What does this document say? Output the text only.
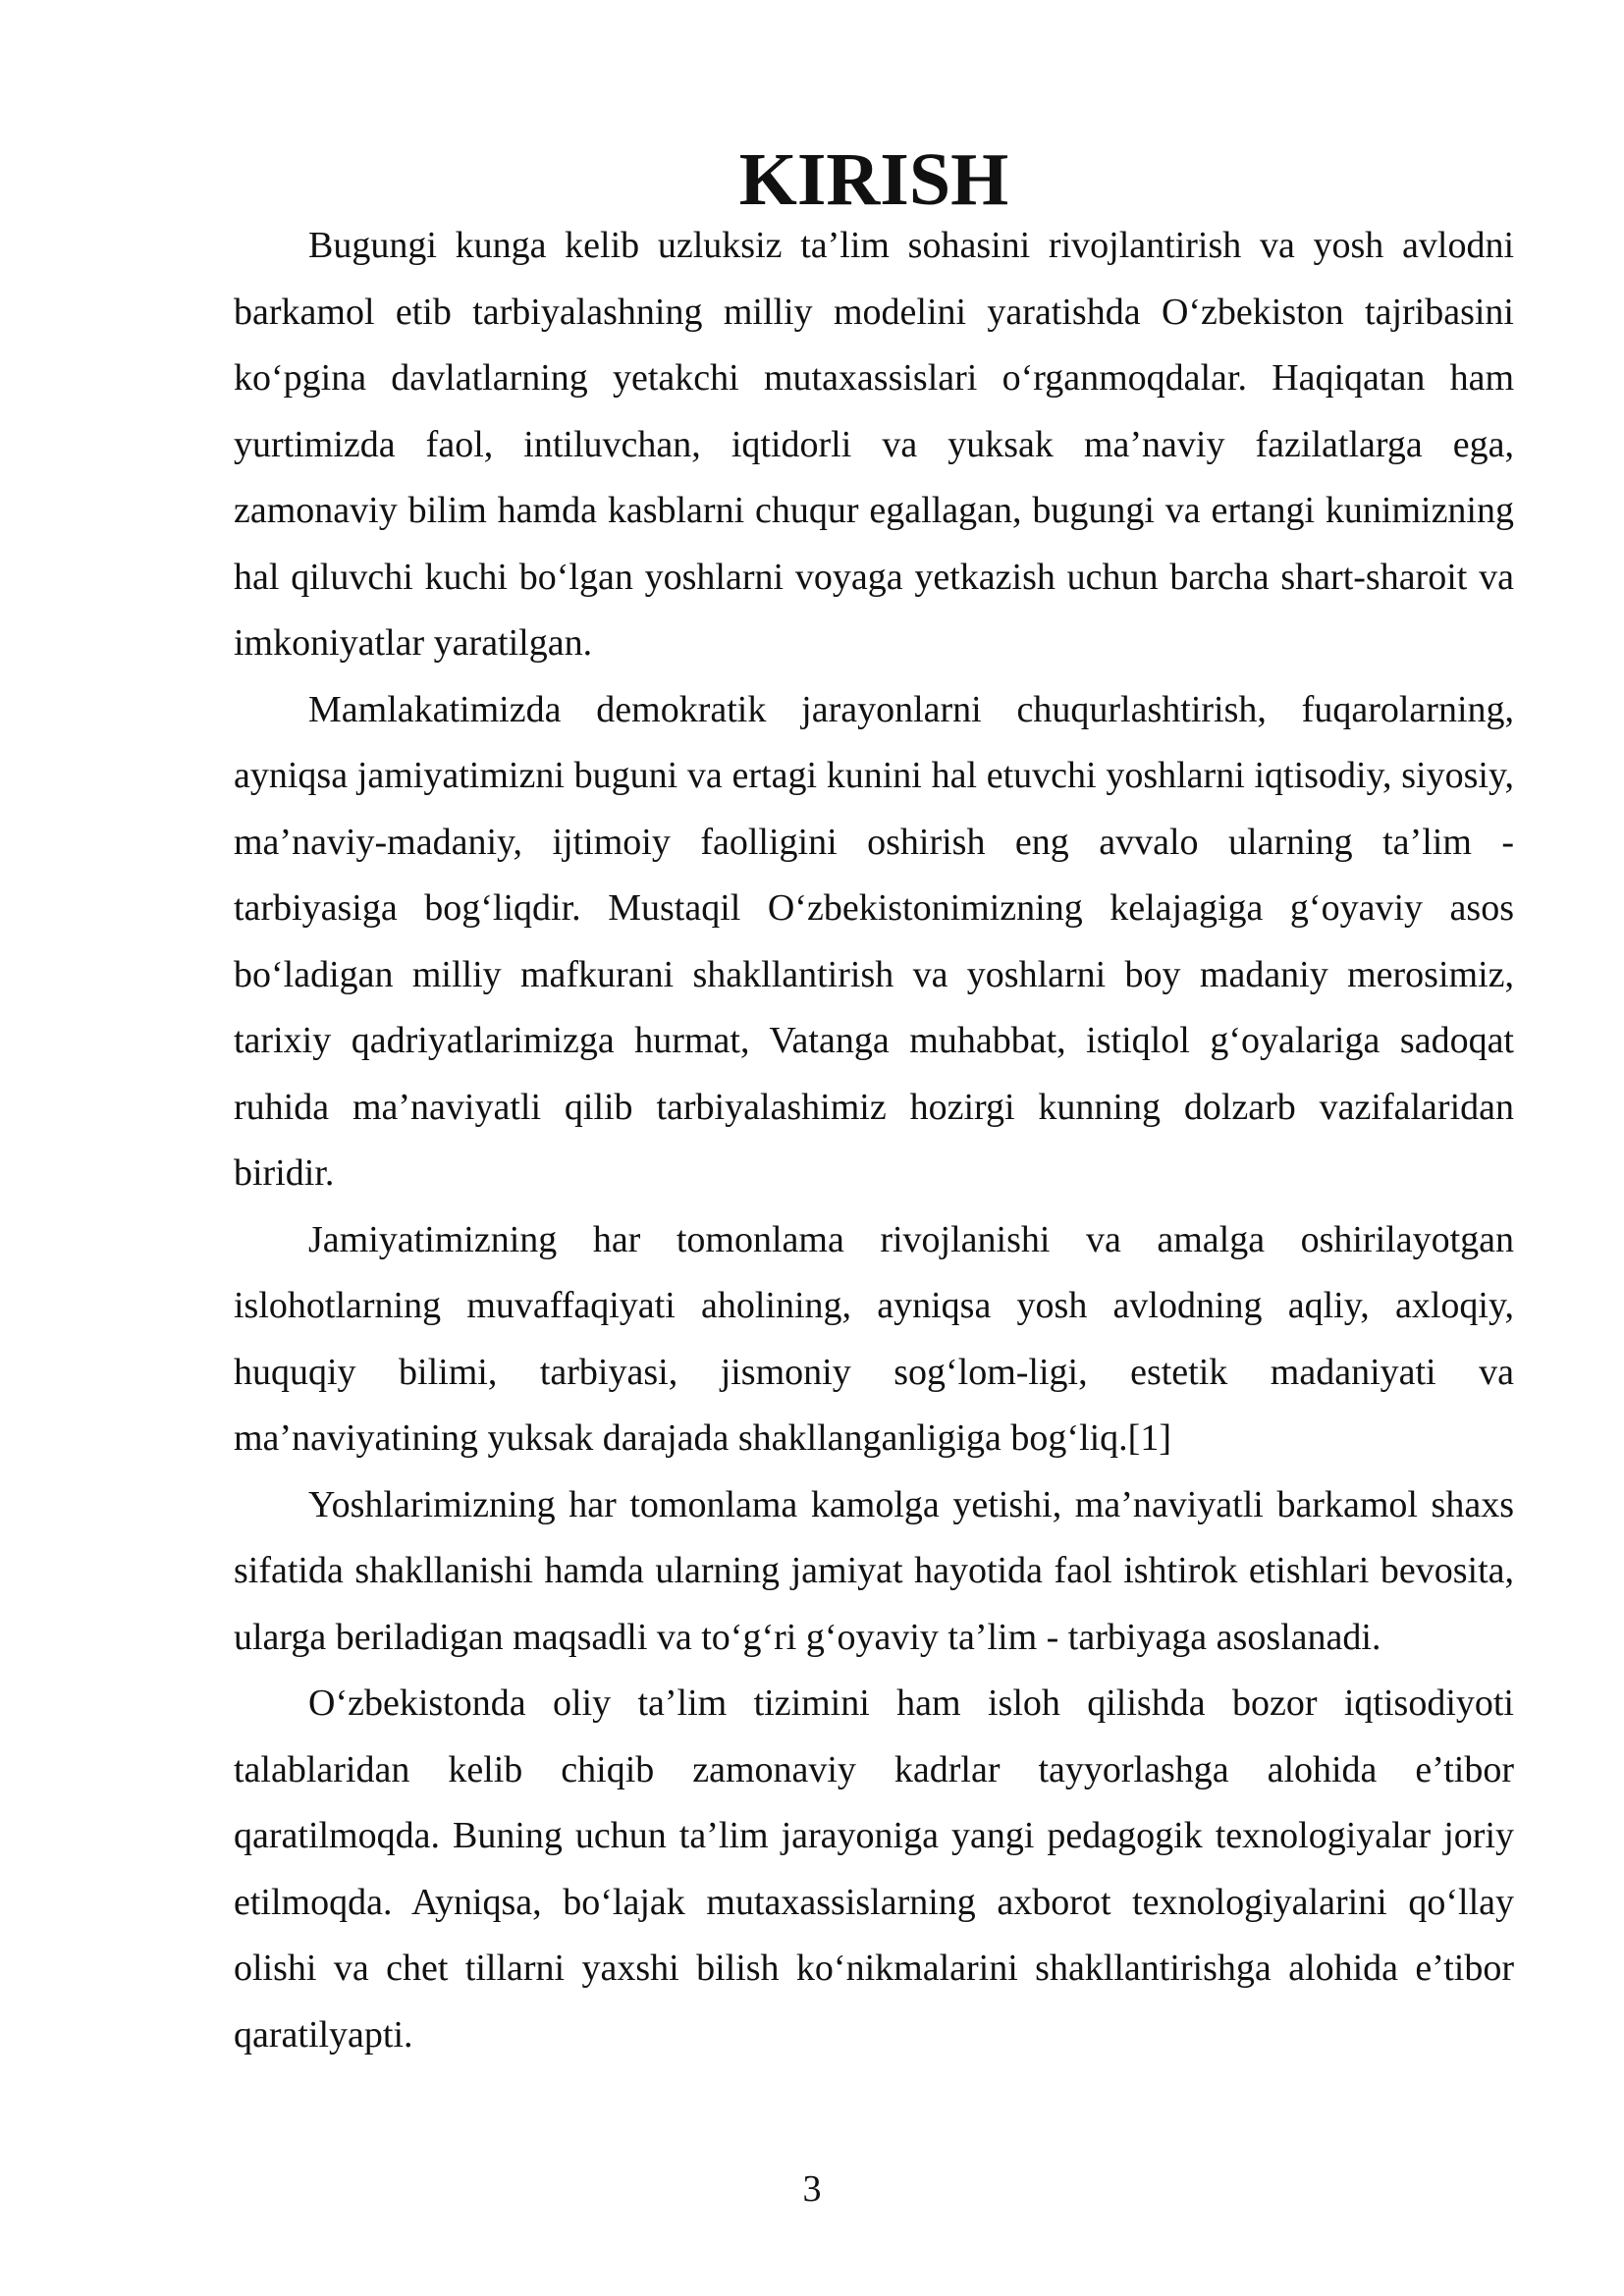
KIRISH

Bugungi kunga kelib uzluksiz ta’lim sohasini rivojlantirish va yosh avlodni barkamol etib tarbiyalashning milliy modelini yaratishda O‘zbekiston tajribasini ko‘pgina davlatlarning yetakchi mutaxassislari o‘rganmoqdalar. Haqiqatan ham yurtimizda faol, intiluvchan, iqtidorli va yuksak ma’naviy fazilatlarga ega, zamonaviy bilim hamda kasblarni chuqur egallagan, bugungi va ertangi kunimizning hal qiluvchi kuchi bo‘lgan yoshlarni voyaga yetkazish uchun barcha shart-sharoit va imkoniyatlar yaratilgan.

Mamlakatimizda demokratik jarayonlarni chuqurlashtirish, fuqarolarning, ayniqsa jamiyatimizni buguni va ertagi kunini hal etuvchi yoshlarni iqtisodiy, siyosiy, ma’naviy-madaniy, ijtimoiy faolligini oshirish eng avvalo ularning ta’lim - tarbiyasiga bog‘liqdir. Mustaqil O‘zbekistonimizning kelajagiga g‘oyaviy asos bo‘ladigan milliy mafkurani shakllantirish va yoshlarni boy madaniy merosimiz, tarixiy qadriyatlarimizga hurmat, Vatanga muhabbat, istiqlol g‘oyalariga sadoqat ruhida ma’naviyatli qilib tarbiyalashimiz hozirgi kunning dolzarb vazifalaridan biridir.

Jamiyatimizning har tomonlama rivojlanishi va amalga oshirilayotgan islohotlarning muvaffaqiyati aholining, ayniqsa yosh avlodning aqliy, axloqiy, huquqiy bilimi, tarbiyasi, jismoniy sog‘lom-ligi, estetik madaniyati va ma’naviyatining yuksak darajada shakllanganligiga bog‘liq.[1]

Yoshlarimizning har tomonlama kamolga yetishi, ma’naviyatli barkamol shaxs sifatida shakllanishi hamda ularning jamiyat hayotida faol ishtirok etishlari bevosita, ularga beriladigan maqsadli va to‘g‘ri g‘oyaviy ta’lim - tarbiyaga asoslanadi.

O‘zbekistonda oliy ta’lim tizimini ham isloh qilishda bozor iqtisodiyoti talablaridan kelib chiqib zamonaviy kadrlar tayyorlashga alohida e’tibor qaratilmoqda. Buning uchun ta’lim jarayoniga yangi pedagogik texnologiyalar joriy etilmoqda. Ayniqsa, bo‘lajak mutaxassislarning axborot texnologiyalarini qo‘llay olishi va chet tillarni yaxshi bilish ko‘nikmalarini shakllantirishga alohida e’tibor qaratilyapti.

3
